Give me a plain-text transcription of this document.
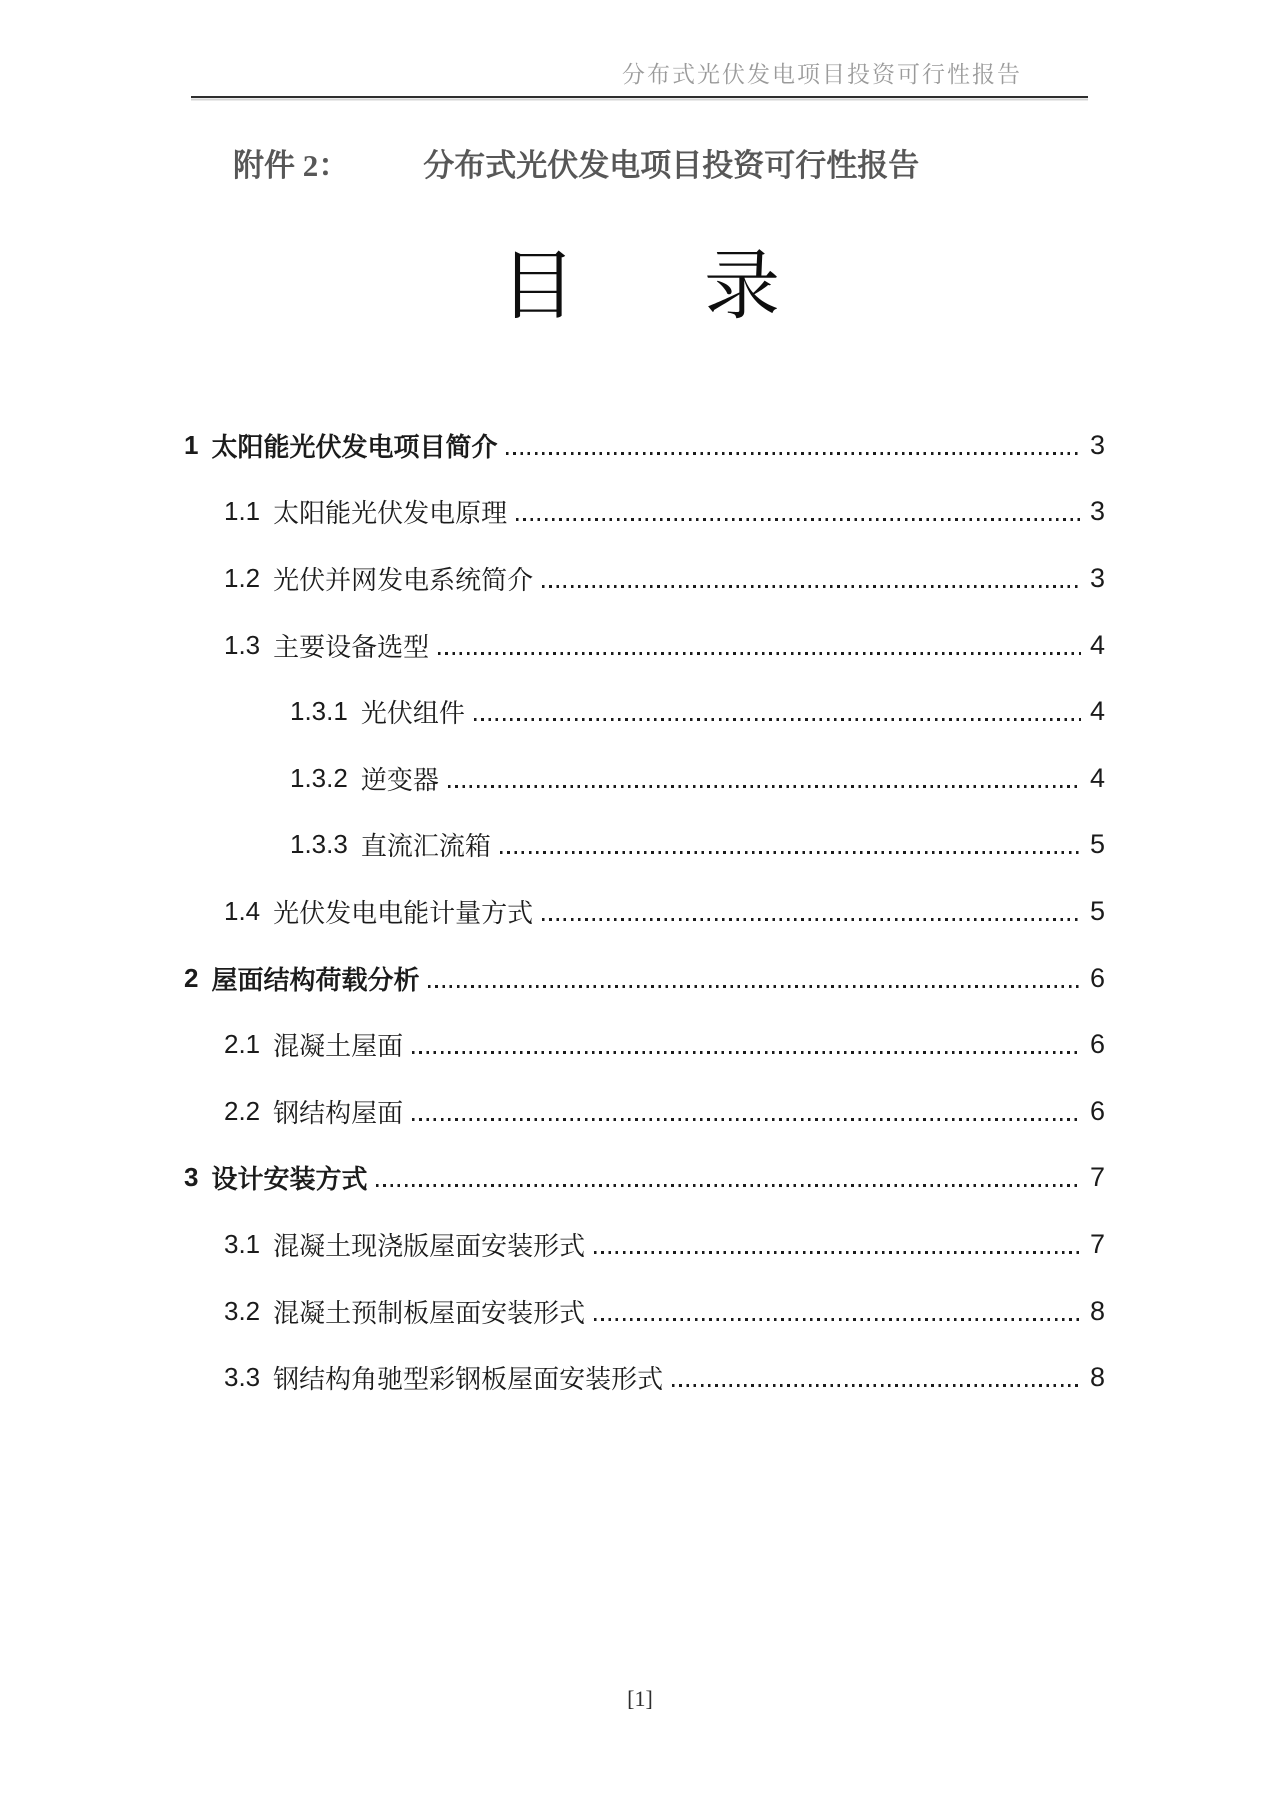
分布式光伏发电项目投资可行性报告
附件 2： 分布式光伏发电项目投资可行性报告
目 录
1 太阳能光伏发电项目简介	3
1.1 太阳能光伏发电原理	3
1.2 光伏并网发电系统简介	3
1.3 主要设备选型	4
1.3.1 光伏组件	4
1.3.2 逆变器	4
1.3.3 直流汇流箱	5
1.4 光伏发电电能计量方式	5
2 屋面结构荷载分析	6
2.1 混凝土屋面	6
2.2 钢结构屋面	6
3 设计安装方式	7
3.1 混凝土现浇版屋面安装形式	7
3.2 混凝土预制板屋面安装形式	8
3.3 钢结构角驰型彩钢板屋面安装形式	8
[1]
